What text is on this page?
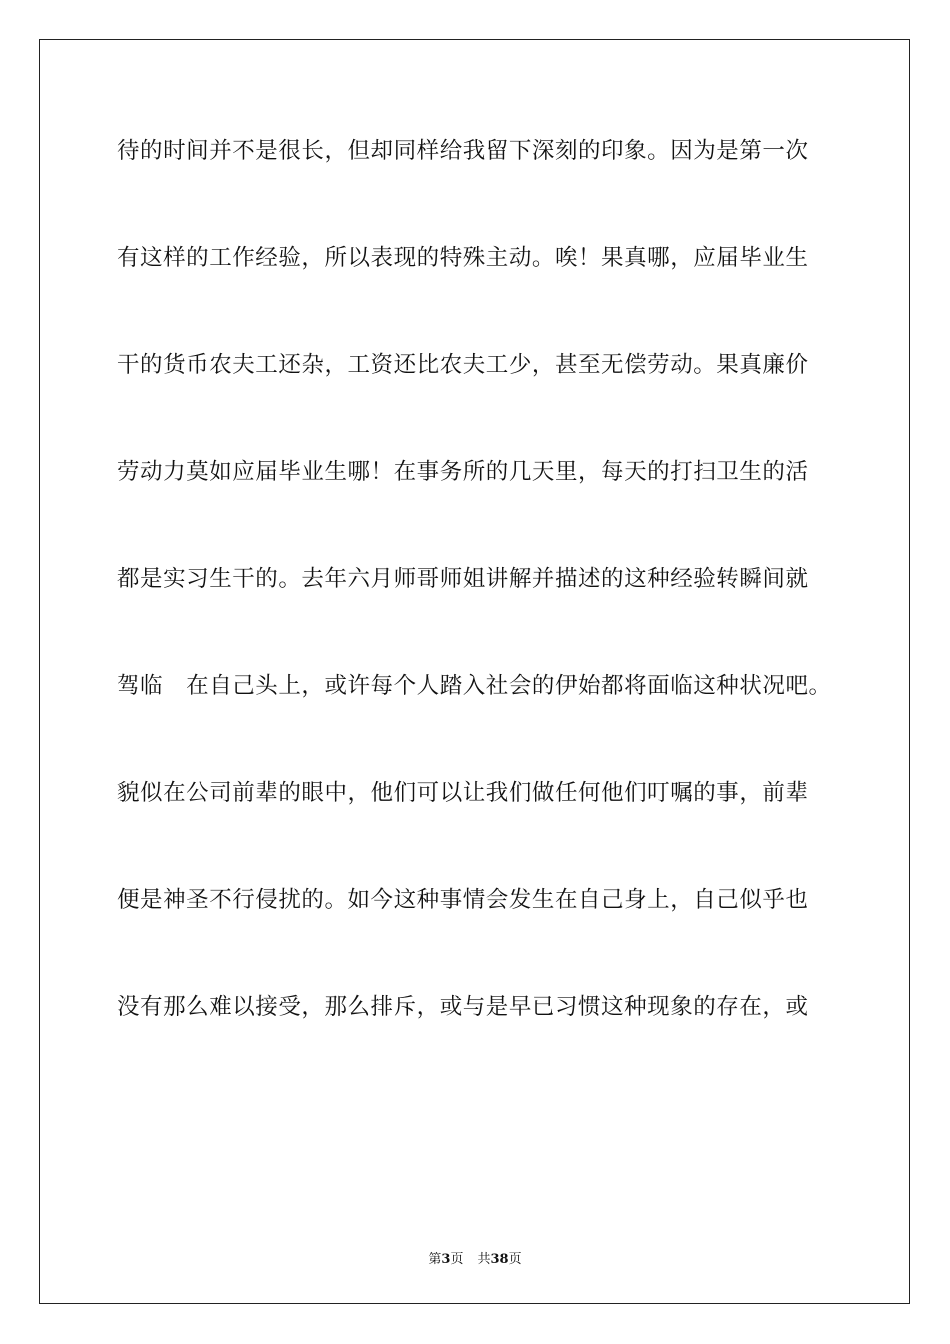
待的时间并不是很长，但却同样给我留下深刻的印象。因为是第一次
有这样的工作经验，所以表现的特殊主动。唉！果真哪，应届毕业生
干的货币农夫工还杂，工资还比农夫工少，甚至无偿劳动。果真廉价
劳动力莫如应届毕业生哪！在事务所的几天里，每天的打扫卫生的活
都是实习生干的。去年六月师哥师姐讲解并描述的这种经验转瞬间就
驾临　在自己头上，或许每个人踏入社会的伊始都将面临这种状况吧。
貌似在公司前辈的眼中，他们可以让我们做任何他们叮嘱的事，前辈
便是神圣不行侵扰的。如今这种事情会发生在自己身上，自己似乎也
没有那么难以接受，那么排斥，或与是早已习惯这种现象的存在，或
第3页 共38页
